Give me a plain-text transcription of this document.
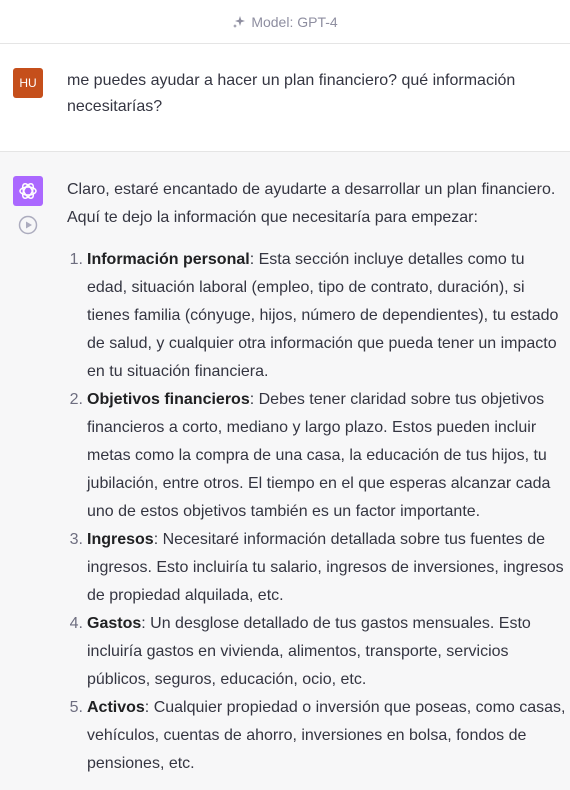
Model: GPT-4
HU	me puedes ayudar a hacer un plan financiero? qué información necesitarías?

Claro, estaré encantado de ayudarte a desarrollar un plan financiero. Aquí te dejo la información que necesitaría para empezar:

1. Información personal: Esta sección incluye detalles como tu edad, situación laboral (empleo, tipo de contrato, duración), si tienes familia (cónyuge, hijos, número de dependientes), tu estado de salud, y cualquier otra información que pueda tener un impacto en tu situación financiera.
2. Objetivos financieros: Debes tener claridad sobre tus objetivos financieros a corto, mediano y largo plazo. Estos pueden incluir metas como la compra de una casa, la educación de tus hijos, tu jubilación, entre otros. El tiempo en el que esperas alcanzar cada uno de estos objetivos también es un factor importante.
3. Ingresos: Necesitaré información detallada sobre tus fuentes de ingresos. Esto incluiría tu salario, ingresos de inversiones, ingresos de propiedad alquilada, etc.
4. Gastos: Un desglose detallado de tus gastos mensuales. Esto incluiría gastos en vivienda, alimentos, transporte, servicios públicos, seguros, educación, ocio, etc.
5. Activos: Cualquier propiedad o inversión que poseas, como casas, vehículos, cuentas de ahorro, inversiones en bolsa, fondos de pensiones, etc.
